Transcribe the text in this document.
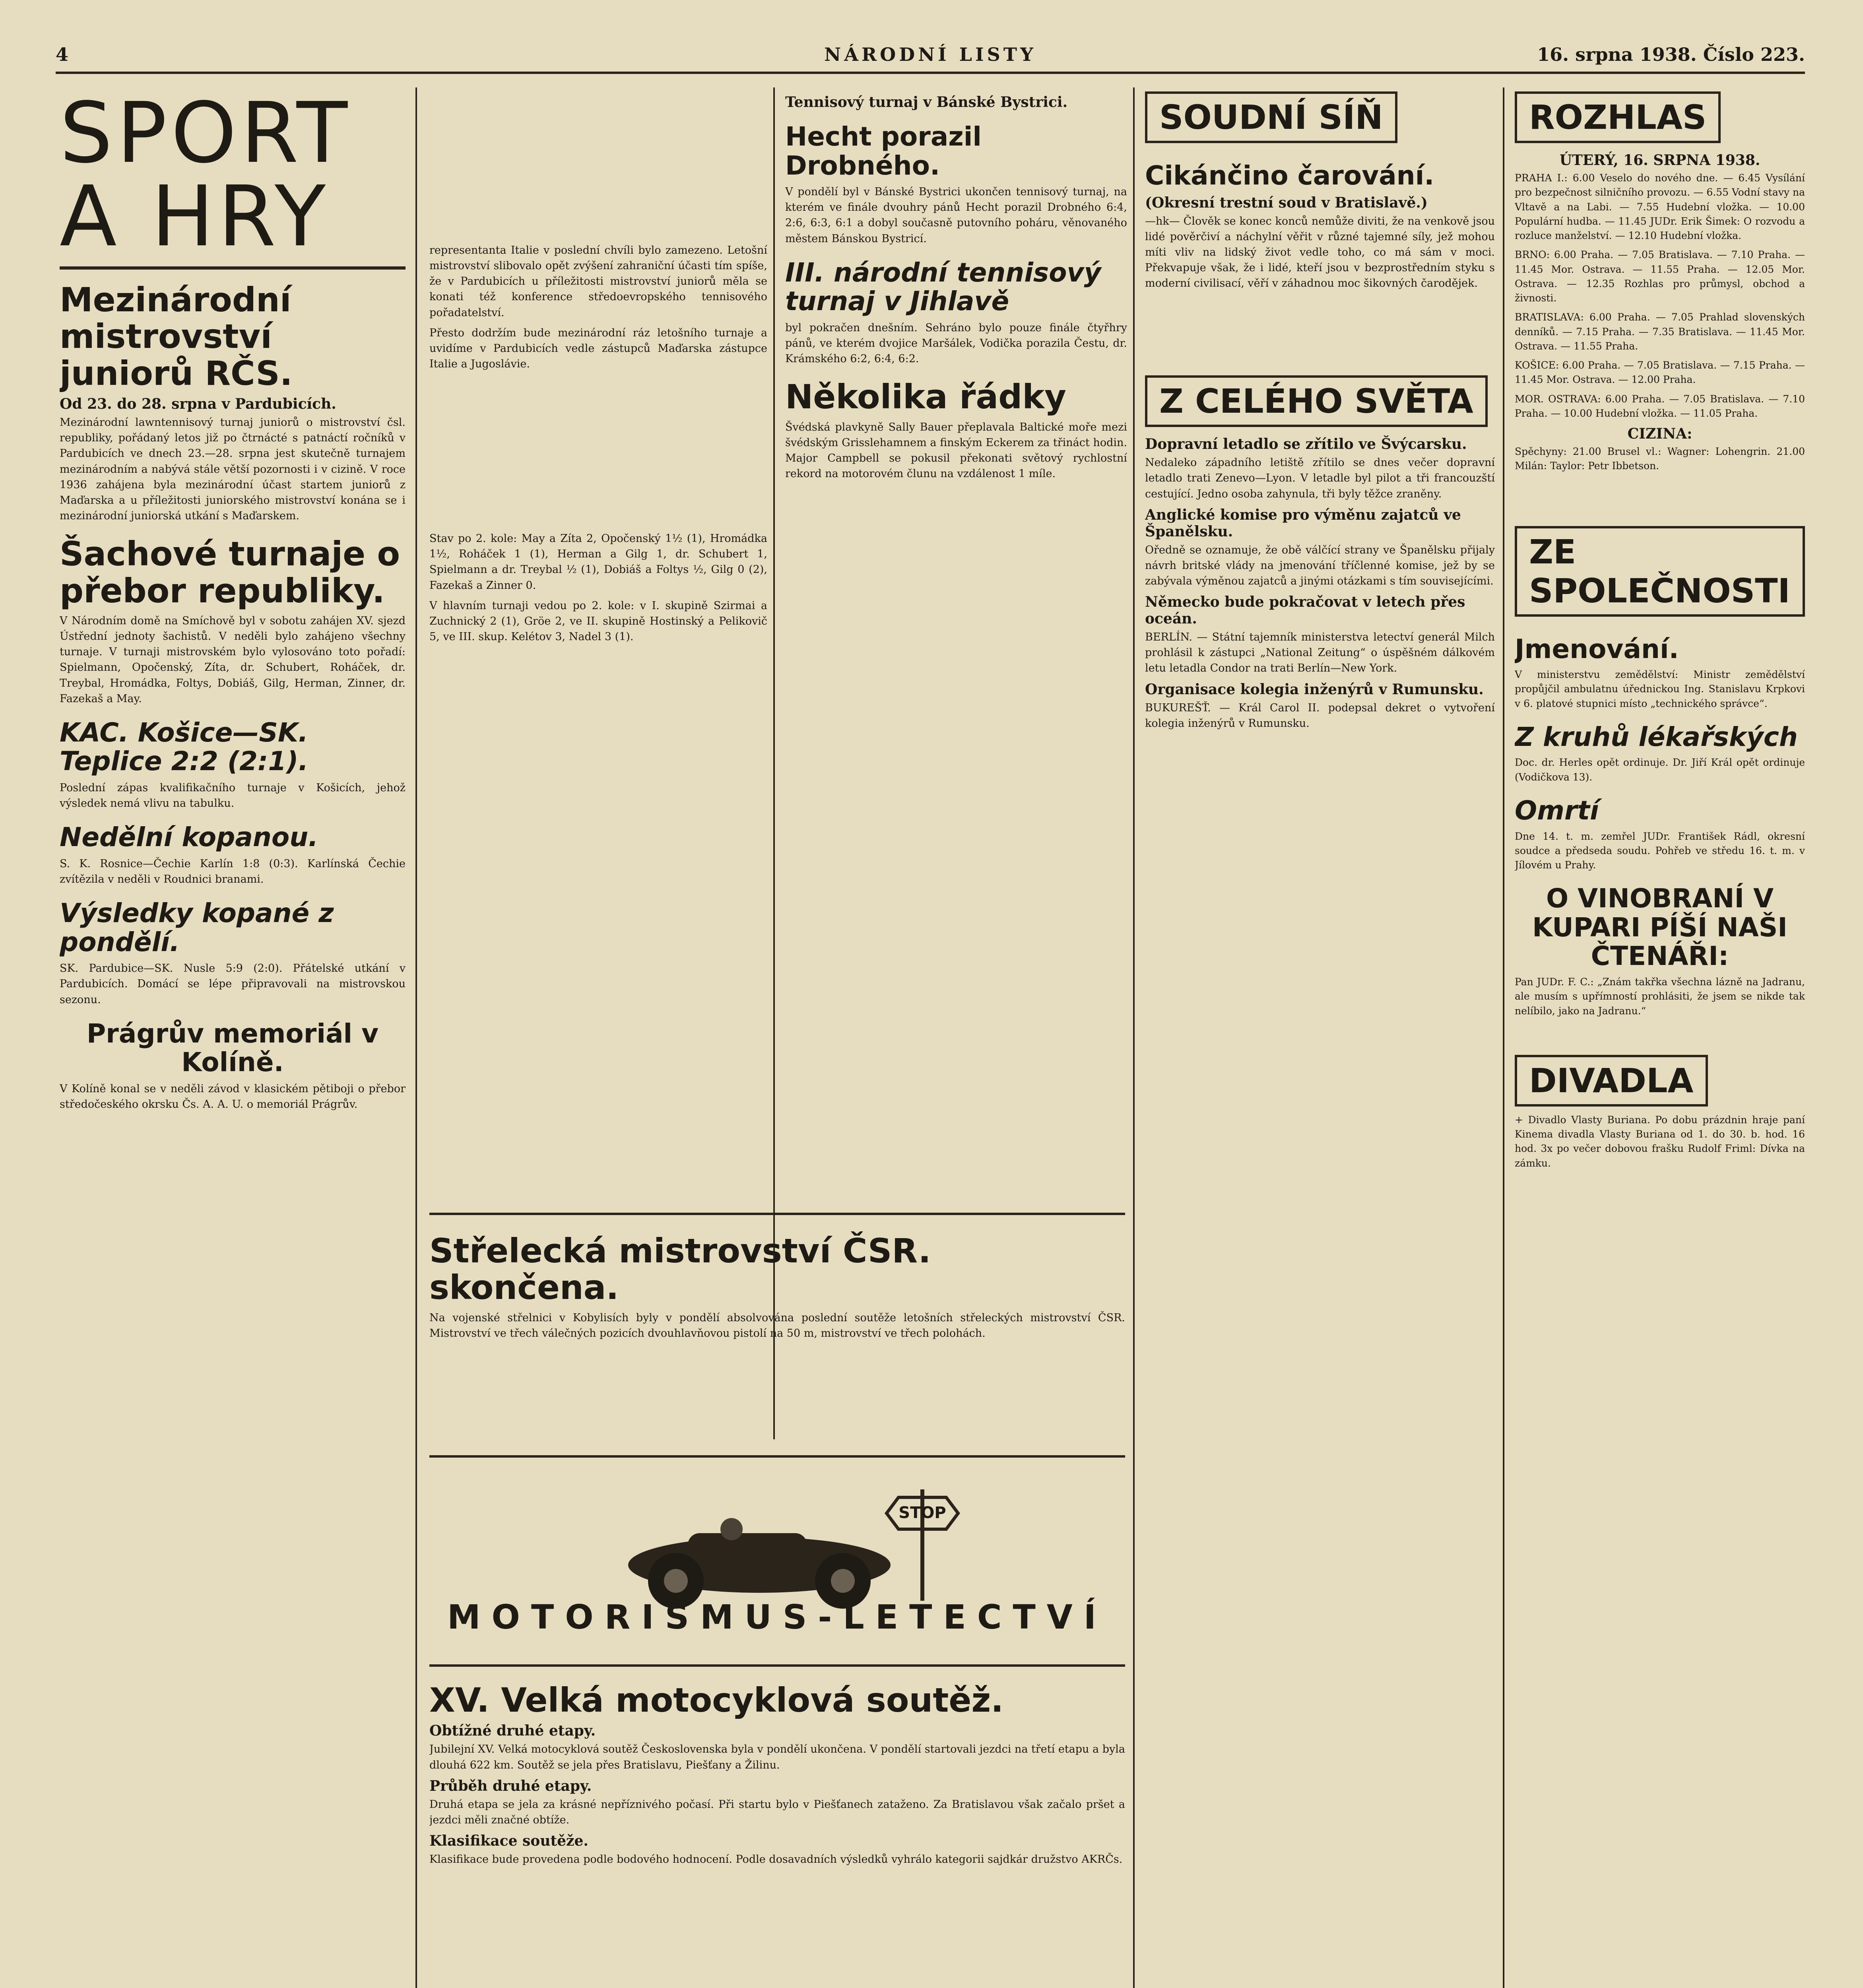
4	NÁRODNÍ LISTY	16. srpna 1938. Číslo 223.
SPORT A HRY
Mezinárodní mistrovství juniorů RČS.
Od 23. do 28. srpna v Pardubicích.

Mezinárodní lawntennisový turnaj juniorů o mistrovství čsl. republiky, pořádaný letos již po čtrnácté s patnáctí ročníků v Pardubicích ve dnech 23.—28. srpna jest skutečně turnajem mezinárodním a nabývá stále větší pozornosti i v cizině. V roce 1936 zahájena byla mezinárodní účast startem juniorů z Maďarska a u příležitosti juniorského mistrovství konána se i mezinárodní juniorská utkání s Maďarskem.

Šachové turnaje o přebor republiky.

V Národním domě na Smíchově byl v sobotu zahájen XV. sjezd Ústřední jednoty šachistů. V neděli bylo zahájeno všechny turnaje. V turnaji mistrovském bylo vylosováno toto pořadí: Spielmann, Opočenský, Zíta, dr. Schubert, Roháček, dr. Treybal, Hromádka, Foltys, Dobiáš, Gilg, Herman, Zinner, dr. Fazekaš a May.

KAC. Košice—SK. Teplice 2:2 (2:1).

Poslední zápas kvalifikačního turnaje v Košicích, jehož výsledek nemá vlivu na tabulku.

Nedělní kopanou.

S. K. Rosnice—Čechie Karlín 1:8 (0:3). Karlínská Čechie zvítězila v neděli v Roudnici branami.

Výsledky kopané z pondělí.

SK. Pardubice—SK. Nusle 5:9 (2:0). Přátelské utkání v Pardubicích. Domácí se lépe připravovali na mistrovskou sezonu.

Prágrův memoriál v Kolíně.

V Kolíně konal se v neděli závod v klasickém pětiboji o přebor středočeského okrsku Čs. A. A. U. o memoriál Prágrův.

representanta Italie v poslední chvíli bylo zamezeno. Letošní mistrovství slibovalo opět zvýšení zahraniční účasti tím spíše, že v Pardubicích u příležitosti mistrovství juniorů měla se konati též konference středoevropského tennisového pořadatelství.

Přesto dodržím bude mezinárodní ráz letošního turnaje a uvidíme v Pardubicích vedle zástupců Maďarska zástupce Italie a Jugoslávie.

Stav po 2. kole: May a Zíta 2, Opočenský 1½ (1), Hromádka 1½, Roháček 1 (1), Herman a Gilg 1, dr. Schubert 1, Spielmann a dr. Treybal ½ (1), Dobiáš a Foltys ½, Gilg 0 (2), Fazekaš a Zinner 0.

V hlavním turnaji vedou po 2. kole: v I. skupině Szirmai a Zuchnický 2 (1), Gröe 2, ve II. skupině Hostinský a Pelikovič 5, ve III. skup. Kelétov 3, Nadel 3 (1).

Tennisový turnaj v Bánské Bystrici.
Hecht porazil Drobného.

V pondělí byl v Bánské Bystrici ukončen tennisový turnaj, na kterém ve finále dvouhry pánů Hecht porazil Drobného 6:4, 2:6, 6:3, 6:1 a dobyl současně putovního poháru, věnovaného městem Bánskou Bystricí.

III. národní tennisový turnaj v Jihlavě

byl pokračen dnešním. Sehráno bylo pouze finále čtyřhry pánů, ve kterém dvojice Maršálek, Vodička porazila Čestu, dr. Krámského 6:2, 6:4, 6:2.

Několika řádky

Švédská plavkyně Sally Bauer přeplavala Baltické moře mezi švédským Grisslehamnem a finským Eckerem za třináct hodin. Major Campbell se pokusil překonati světový rychlostní rekord na motorovém člunu na vzdálenost 1 míle.

Střelecká mistrovství ČSR. skončena.

Na vojenské střelnici v Kobylisích byly v pondělí absolvována poslední soutěže letošních střeleckých mistrovství ČSR. Mistrovství ve třech válečných pozicích dvouhlavňovou pistolí na 50 m, mistrovství ve třech polohách.

STOP
MOTORISMUS-LETECTVÍ
XV. Velká motocyklová soutěž.
Obtížné druhé etapy.

Jubilejní XV. Velká motocyklová soutěž Československa byla v pondělí ukončena. V pondělí startovali jezdci na třetí etapu a byla dlouhá 622 km. Soutěž se jela přes Bratislavu, Piešťany a Žilinu.

Průběh druhé etapy.

Druhá etapa se jela za krásné nepříznivého počasí. Při startu bylo v Piešťanech zataženo. Za Bratislavou však začalo pršet a jezdci měli značné obtíže.

Klasifikace soutěže.

Klasifikace bude provedena podle bodového hodnocení. Podle dosavadních výsledků vyhrálo kategorii sajdkár družstvo AKRČs.

SOUDNÍ SÍŇ
Cikánčino čarování.
(Okresní trestní soud v Bratislavě.)

—hk— Člověk se konec konců nemůže diviti, že na venkově jsou lidé pověrčiví a náchylní věřit v různé tajemné síly, jež mohou míti vliv na lidský život vedle toho, co má sám v moci. Překvapuje však, že i lidé, kteří jsou v bezprostředním styku s moderní civilisací, věří v záhadnou moc šikovných čarodějek.

Z CELÉHO SVĚTA
Dopravní letadlo se zřítilo ve Švýcarsku.

Nedaleko západního letiště zřítilo se dnes večer dopravní letadlo trati Zenevo—Lyon. V letadle byl pilot a tři francouzští cestující. Jedno osoba zahynula, tři byly těžce zraněny.

Anglické komise pro výměnu zajatců ve Španělsku.

Oředně se oznamuje, že obě válčící strany ve Španělsku přijaly návrh britské vlády na jmenování tříčlenné komise, jež by se zabývala výměnou zajatců a jinými otázkami s tím souvisejícími.

Německo bude pokračovat v letech přes oceán.

BERLÍN. — Státní tajemník ministerstva letectví generál Milch prohlásil k zástupci „National Zeitung“ o úspěšném dálkovém letu letadla Condor na trati Berlín—New York.

Organisace kolegia inženýrů v Rumunsku.

BUKUREŠŤ. — Král Carol II. podepsal dekret o vytvoření kolegia inženýrů v Rumunsku.

ROZHLAS
ÚTERÝ, 16. SRPNA 1938.

PRAHA I.: 6.00 Veselo do nového dne. — 6.45 Vysílání pro bezpečnost silničního provozu. — 6.55 Vodní stavy na Vltavě a na Labi. — 7.55 Hudební vložka. — 10.00 Populární hudba. — 11.45 JUDr. Erik Šimek: O rozvodu a rozluce manželství. — 12.10 Hudební vložka.

BRNO: 6.00 Praha. — 7.05 Bratislava. — 7.10 Praha. — 11.45 Mor. Ostrava. — 11.55 Praha. — 12.05 Mor. Ostrava. — 12.35 Rozhlas pro průmysl, obchod a živnosti.

BRATISLAVA: 6.00 Praha. — 7.05 Prahlad slovenských denníků. — 7.15 Praha. — 7.35 Bratislava. — 11.45 Mor. Ostrava. — 11.55 Praha.

KOŠICE: 6.00 Praha. — 7.05 Bratislava. — 7.15 Praha. — 11.45 Mor. Ostrava. — 12.00 Praha.

MOR. OSTRAVA: 6.00 Praha. — 7.05 Bratislava. — 7.10 Praha. — 10.00 Hudební vložka. — 11.05 Praha.

CIZINA:

Spěchyny: 21.00 Brusel vl.: Wagner: Lohengrin. 21.00 Milán: Taylor: Petr Ibbetson.

ZE SPOLEČNOSTI
Jmenování.

V ministerstvu zemědělství: Ministr zemědělství propůjčil ambulatnu úřednickou Ing. Stanislavu Krpkovi v 6. platové stupnici místo „technického správce“.

Z kruhů lékařských

Doc. dr. Herles opět ordinuje. Dr. Jiří Král opět ordinuje (Vodičkova 13).

Omrtí

Dne 14. t. m. zemřel JUDr. František Rádl, okresní soudce a předseda soudu. Pohřeb ve středu 16. t. m. v Jílovém u Prahy.

O VINOBRANÍ V KUPARI PÍŠÍ NAŠI ČTENÁŘI:

Pan JUDr. F. C.: „Znám takřka všechna lázně na Jadranu, ale musím s upřímností prohlásiti, že jsem se nikde tak nelíbilo, jako na Jadranu.“

DIVADLA

+ Divadlo Vlasty Buriana. Po dobu prázdnin hraje paní Kinema divadla Vlasty Buriana od 1. do 30. b. hod. 16 hod. 3x po večer dobovou frašku Rudolf Friml: Dívka na zámku.
